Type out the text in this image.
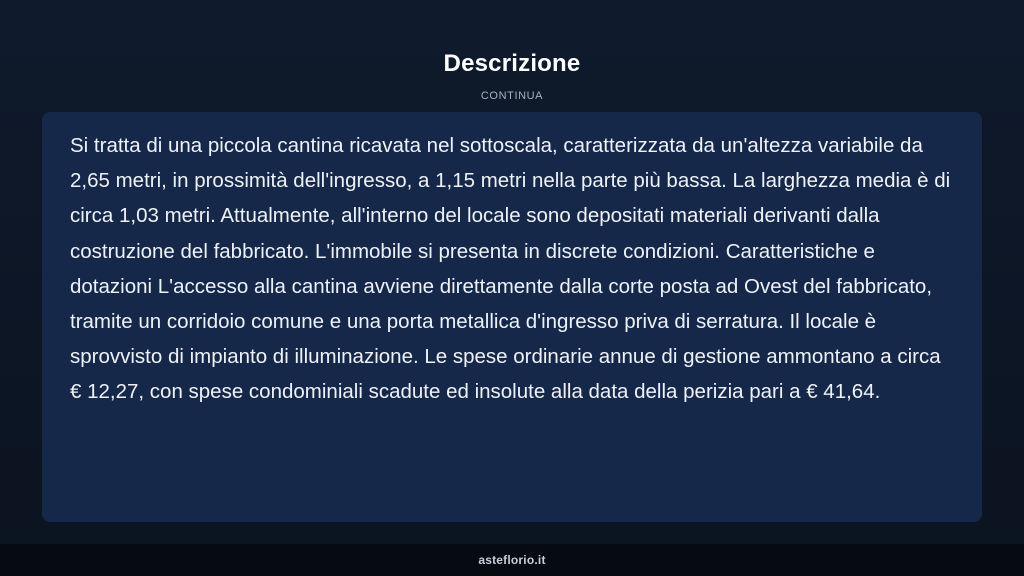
Descrizione
CONTINUA

Si tratta di una piccola cantina ricavata nel sottoscala, caratterizzata da un'altezza variabile da 2,65 metri, in prossimità dell'ingresso, a 1,15 metri nella parte più bassa. La larghezza media è di circa 1,03 metri. Attualmente, all'interno del locale sono depositati materiali derivanti dalla costruzione del fabbricato. L'immobile si presenta in discrete condizioni. Caratteristiche e dotazioni L'accesso alla cantina avviene direttamente dalla corte posta ad Ovest del fabbricato, tramite un corridoio comune e una porta metallica d'ingresso priva di serratura. Il locale è sprovvisto di impianto di illuminazione. Le spese ordinarie annue di gestione ammontano a circa € 12,27, con spese condominiali scadute ed insolute alla data della perizia pari a € 41,64.

asteflorio.it
